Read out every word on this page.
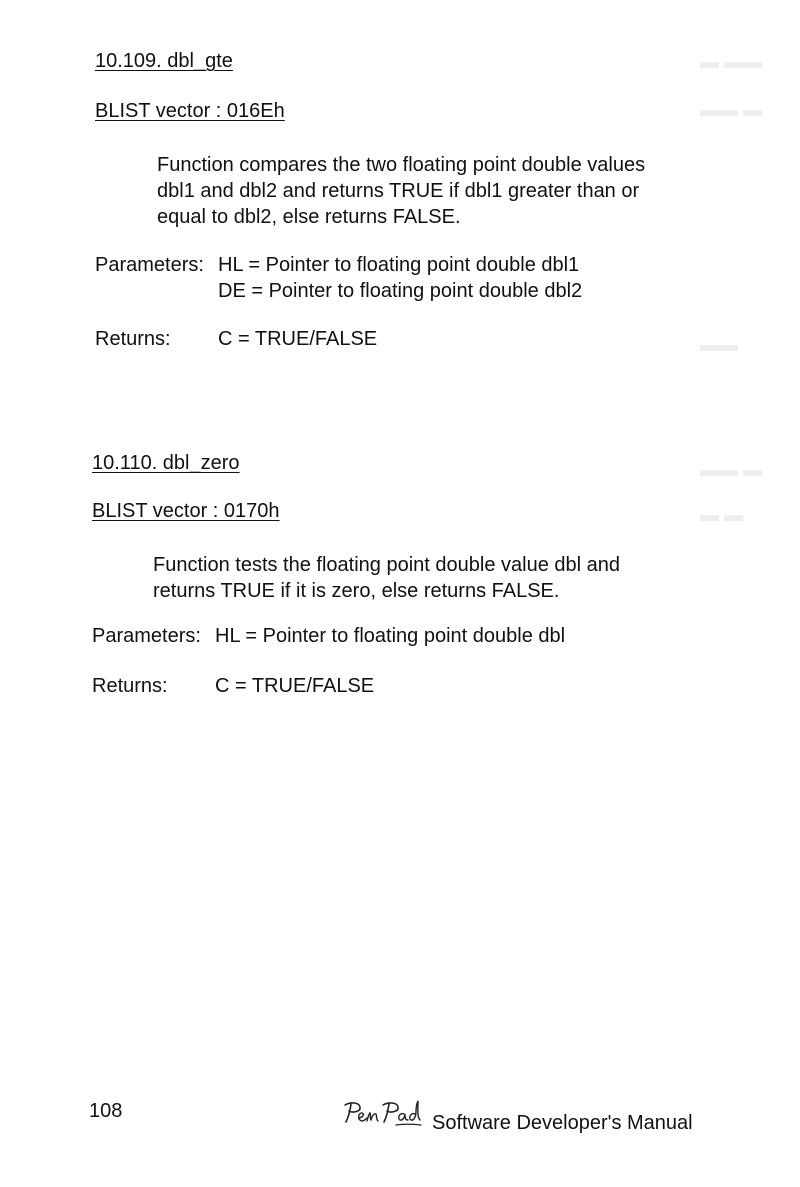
▬ ▬▬
▬▬ ▬
▬▬
▬▬ ▬
▬ ▬
10.109. dbl_gte
BLIST vector : 016Eh
Function compares the two floating point double values
dbl1 and dbl2 and returns TRUE if dbl1 greater than or
equal to dbl2, else returns FALSE.
Parameters: HL = Pointer to floating point double dbl1
DE = Pointer to floating point double dbl2
Returns: C = TRUE/FALSE
10.110. dbl_zero
BLIST vector : 0170h
Function tests the floating point double value dbl and
returns TRUE if it is zero, else returns FALSE.
Parameters: HL = Pointer to floating point double dbl
Returns: C = TRUE/FALSE
108
Software Developer's Manual
